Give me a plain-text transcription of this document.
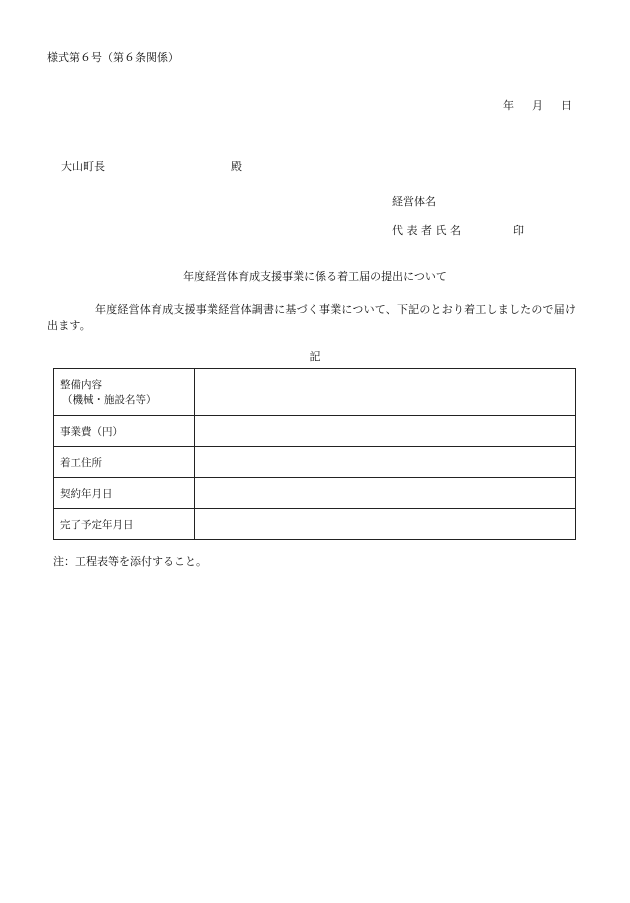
様式第６号（第６条関係）
年 月 日
大山町長	殿
経営体名
代 表 者 氏 名	印
年度経営体育成支援事業に係る着工届の提出について
年度経営体育成支援事業経営体調書に基づく事業について、下記のとおり着工しましたので届け出ます。
記
整備内容
（機械・施設名等）	

事業費（円）	
着工住所	
契約年月日	
完了予定年月日	
注：工程表等を添付すること。
